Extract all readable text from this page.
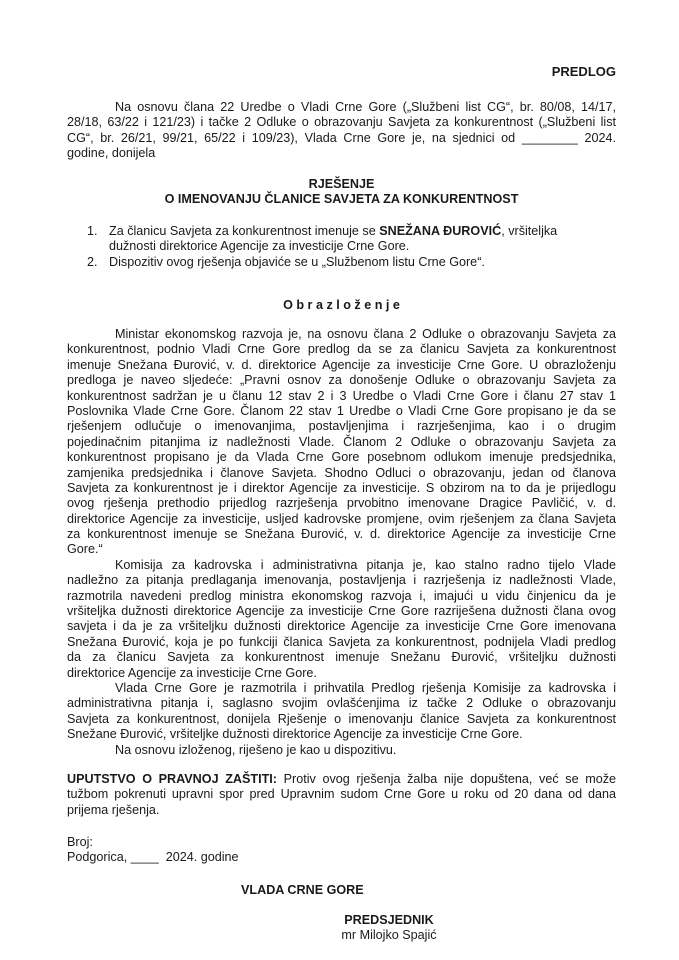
PREDLOG
Na osnovu člana 22 Uredbe o Vladi Crne Gore („Službeni list CG“, br. 80/08, 14/17,
28/18, 63/22 i 121/23) i tačke 2 Odluke o obrazovanju Savjeta za konkurentnost („Službeni list
CG“, br. 26/21, 99/21, 65/22 i 109/23), Vlada Crne Gore je, na sjednici od ________ 2024.
godine, donijela
RJEŠENJE
O IMENOVANJU ČLANICE SAVJETA ZA KONKURENTNOST
1. Za članicu Savjeta za konkurentnost imenuje se SNEŽANA ĐUROVIĆ, vršiteljka
dužnosti direktorice Agencije za investicije Crne Gore.
2. Dispozitiv ovog rješenja objaviće se u „Službenom listu Crne Gore“.
O b r a z l o ž e n j e
Ministar ekonomskog razvoja je, na osnovu člana 2 Odluke o obrazovanju Savjeta za
konkurentnost, podnio Vladi Crne Gore predlog da se za članicu Savjeta za konkurentnost
imenuje Snežana Đurović, v. d. direktorice Agencije za investicije Crne Gore. U obrazloženju
predloga je naveo sljedeće: „Pravni osnov za donošenje Odluke o obrazovanju Savjeta za
konkurentnost sadržan je u članu 12 stav 2 i 3 Uredbe o Vladi Crne Gore i članu 27 stav 1
Poslovnika Vlade Crne Gore. Članom 22 stav 1 Uredbe o Vladi Crne Gore propisano je da se
rješenjem odlučuje o imenovanjima, postavljenjima i razrješenjima, kao i o drugim
pojedinačnim pitanjima iz nadležnosti Vlade. Članom 2 Odluke o obrazovanju Savjeta za
konkurentnost propisano je da Vlada Crne Gore posebnom odlukom imenuje predsjednika,
zamjenika predsjednika i članove Savjeta. Shodno Odluci o obrazovanju, jedan od članova
Savjeta za konkurentnost je i direktor Agencije za investicije. S obzirom na to da je prijedlogu
ovog rješenja prethodio prijedlog razrješenja prvobitno imenovane Dragice Pavličić, v. d.
direktorice Agencije za investicije, uslјed kadrovske promjene, ovim rješenjem za člana Savjeta
za konkurentnost imenuje se Snežana Đurović, v. d. direktorice Agencije za investicije Crne
Gore.“
Komisija za kadrovska i administrativna pitanja je, kao stalno radno tijelo Vlade
nadležno za pitanja predlaganja imenovanja, postavljenja i razrješenja iz nadležnosti Vlade,
razmotrila navedeni predlog ministra ekonomskog razvoja i, imajući u vidu činjenicu da je
vršiteljka dužnosti direktorice Agencije za investicije Crne Gore razriješena dužnosti člana ovog
savjeta i da je za vršiteljku dužnosti direktorice Agencije za investicije Crne Gore imenovana
Snežana Đurović, koja je po funkciji članica Savjeta za konkurentnost, podnijela Vladi predlog
da za članicu Savjeta za konkurentnost imenuje Snežanu Đurović, vršiteljku dužnosti
direktorice Agencije za investicije Crne Gore.
Vlada Crne Gore je razmotrila i prihvatila Predlog rješenja Komisije za kadrovska i
administrativna pitanja i, saglasno svojim ovlašćenjima iz tačke 2 Odluke o obrazovanju
Savjeta za konkurentnost, donijela Rješenje o imenovanju članice Savjeta za konkurentnost
Snežane Đurović, vršiteljke dužnosti direktorice Agencije za investicije Crne Gore.
Na osnovu izloženog, riješeno je kao u dispozitivu.
UPUTSTVO O PRAVNOJ ZAŠTITI: Protiv ovog rješenja žalba nije dopuštena, već se može
tužbom pokrenuti upravni spor pred Upravnim sudom Crne Gore u roku od 20 dana od dana
prijema rješenja.
Broj:
Podgorica, ____  2024. godine
VLADA CRNE GORE
PREDSJEDNIK
mr Milojko Spajić
